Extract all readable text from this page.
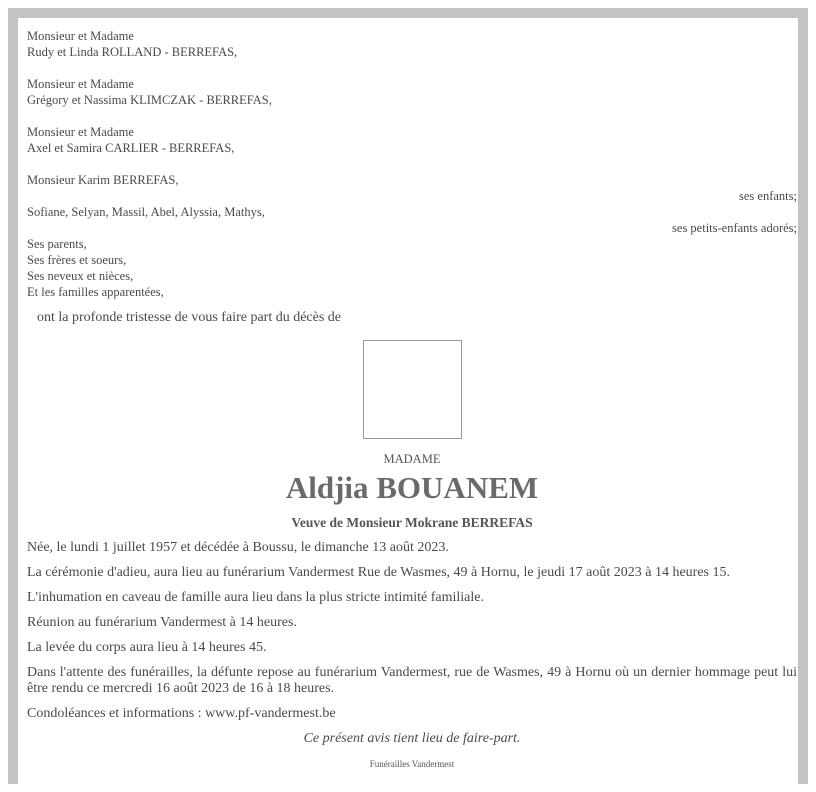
Monsieur et Madame
Rudy et Linda ROLLAND - BERREFAS,
Monsieur et Madame
Grégory et Nassima KLIMCZAK - BERREFAS,
Monsieur et Madame
Axel et Samira CARLIER - BERREFAS,
Monsieur Karim BERREFAS,
ses enfants;
Sofiane, Selyan, Massil, Abel, Alyssia, Mathys,
ses petits-enfants adorés;
Ses parents,
Ses frères et soeurs,
Ses neveux et nièces,
Et les familles apparentées,
ont la profonde tristesse de vous faire part du décès de
MADAME
Aldjia BOUANEM
Veuve de Monsieur Mokrane BERREFAS
Née, le lundi 1 juillet 1957 et décédée à Boussu, le dimanche 13 août 2023.
La cérémonie d'adieu, aura lieu au funérarium Vandermest Rue de Wasmes, 49 à Hornu, le jeudi 17 août 2023 à 14 heures 15.
L'inhumation en caveau de famille aura lieu dans la plus stricte intimité familiale.
Réunion au funérarium Vandermest à 14 heures.
La levée du corps aura lieu à 14 heures 45.
Dans l'attente des funérailles, la défunte repose au funérarium Vandermest, rue de Wasmes, 49 à Hornu où un dernier hommage peut lui être rendu ce mercredi 16 août 2023 de 16 à 18 heures.
Condoléances et informations : www.pf-vandermest.be
Ce présent avis tient lieu de faire-part.
Funérailles Vandermest
